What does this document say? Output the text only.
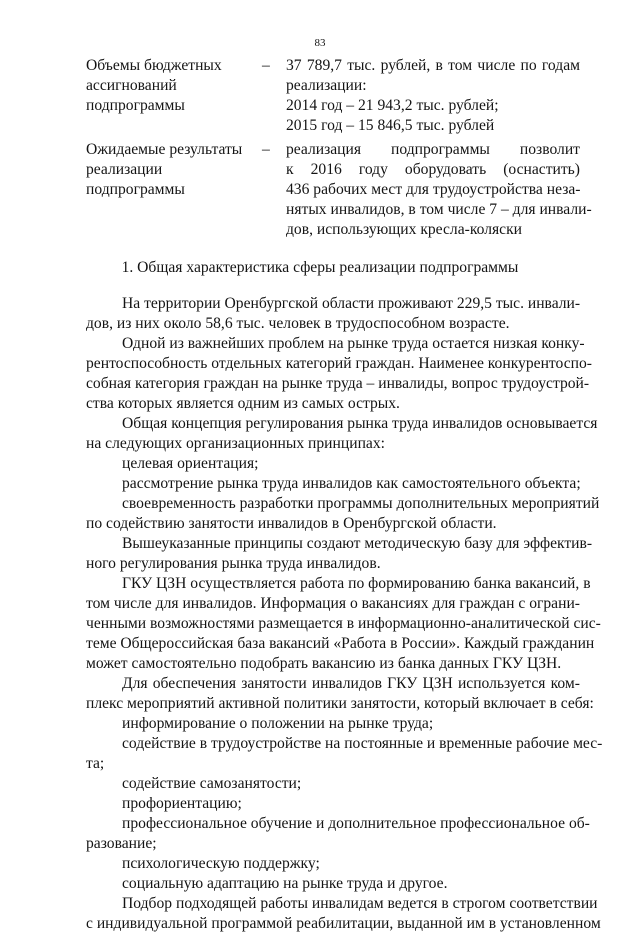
83
Объемы бюджетных
ассигнований
подпрограммы
– 37 789,7 тыс. рублей, в том числе по годам
реализации:
2014 год – 21 943,2 тыс. рублей;
2015 год – 15 846,5 тыс. рублей
Ожидаемые результаты
реализации
подпрограммы
– реализация подпрограммы позволит
к 2016 году оборудовать (оснастить)
436 рабочих мест для трудоустройства неза-
нятых инвалидов, в том числе 7 – для инвали-
дов, использующих кресла-коляски
1. Общая характеристика сферы реализации подпрограммы
На территории Оренбургской области проживают 229,5 тыс. инвали-
дов, из них около 58,6 тыс. человек в трудоспособном возрасте.
Одной из важнейших проблем на рынке труда остается низкая конку-
рентоспособность отдельных категорий граждан. Наименее конкурентоспо-
собная категория граждан на рынке труда – инвалиды, вопрос трудоустрой-
ства которых является одним из самых острых.
Общая концепция регулирования рынка труда инвалидов основывается
на следующих организационных принципах:
целевая ориентация;
рассмотрение рынка труда инвалидов как самостоятельного объекта;
своевременность разработки программы дополнительных мероприятий
по содействию занятости инвалидов в Оренбургской области.
Вышеуказанные принципы создают методическую базу для эффектив-
ного регулирования рынка труда инвалидов.
ГКУ ЦЗН осуществляется работа по формированию банка вакансий, в
том числе для инвалидов. Информация о вакансиях для граждан с ограни-
ченными возможностями размещается в информационно-аналитической сис-
теме Общероссийская база вакансий «Работа в России». Каждый гражданин
может самостоятельно подобрать вакансию из банка данных ГКУ ЦЗН.
Для обеспечения занятости инвалидов ГКУ ЦЗН используется ком-
плекс мероприятий активной политики занятости, который включает в себя:
информирование о положении на рынке труда;
содействие в трудоустройстве на постоянные и временные рабочие мес-
та;
содействие самозанятости;
профориентацию;
профессиональное обучение и дополнительное профессиональное об-
разование;
психологическую поддержку;
социальную адаптацию на рынке труда и другое.
Подбор подходящей работы инвалидам ведется в строгом соответствии
с индивидуальной программой реабилитации, выданной им в установленном
